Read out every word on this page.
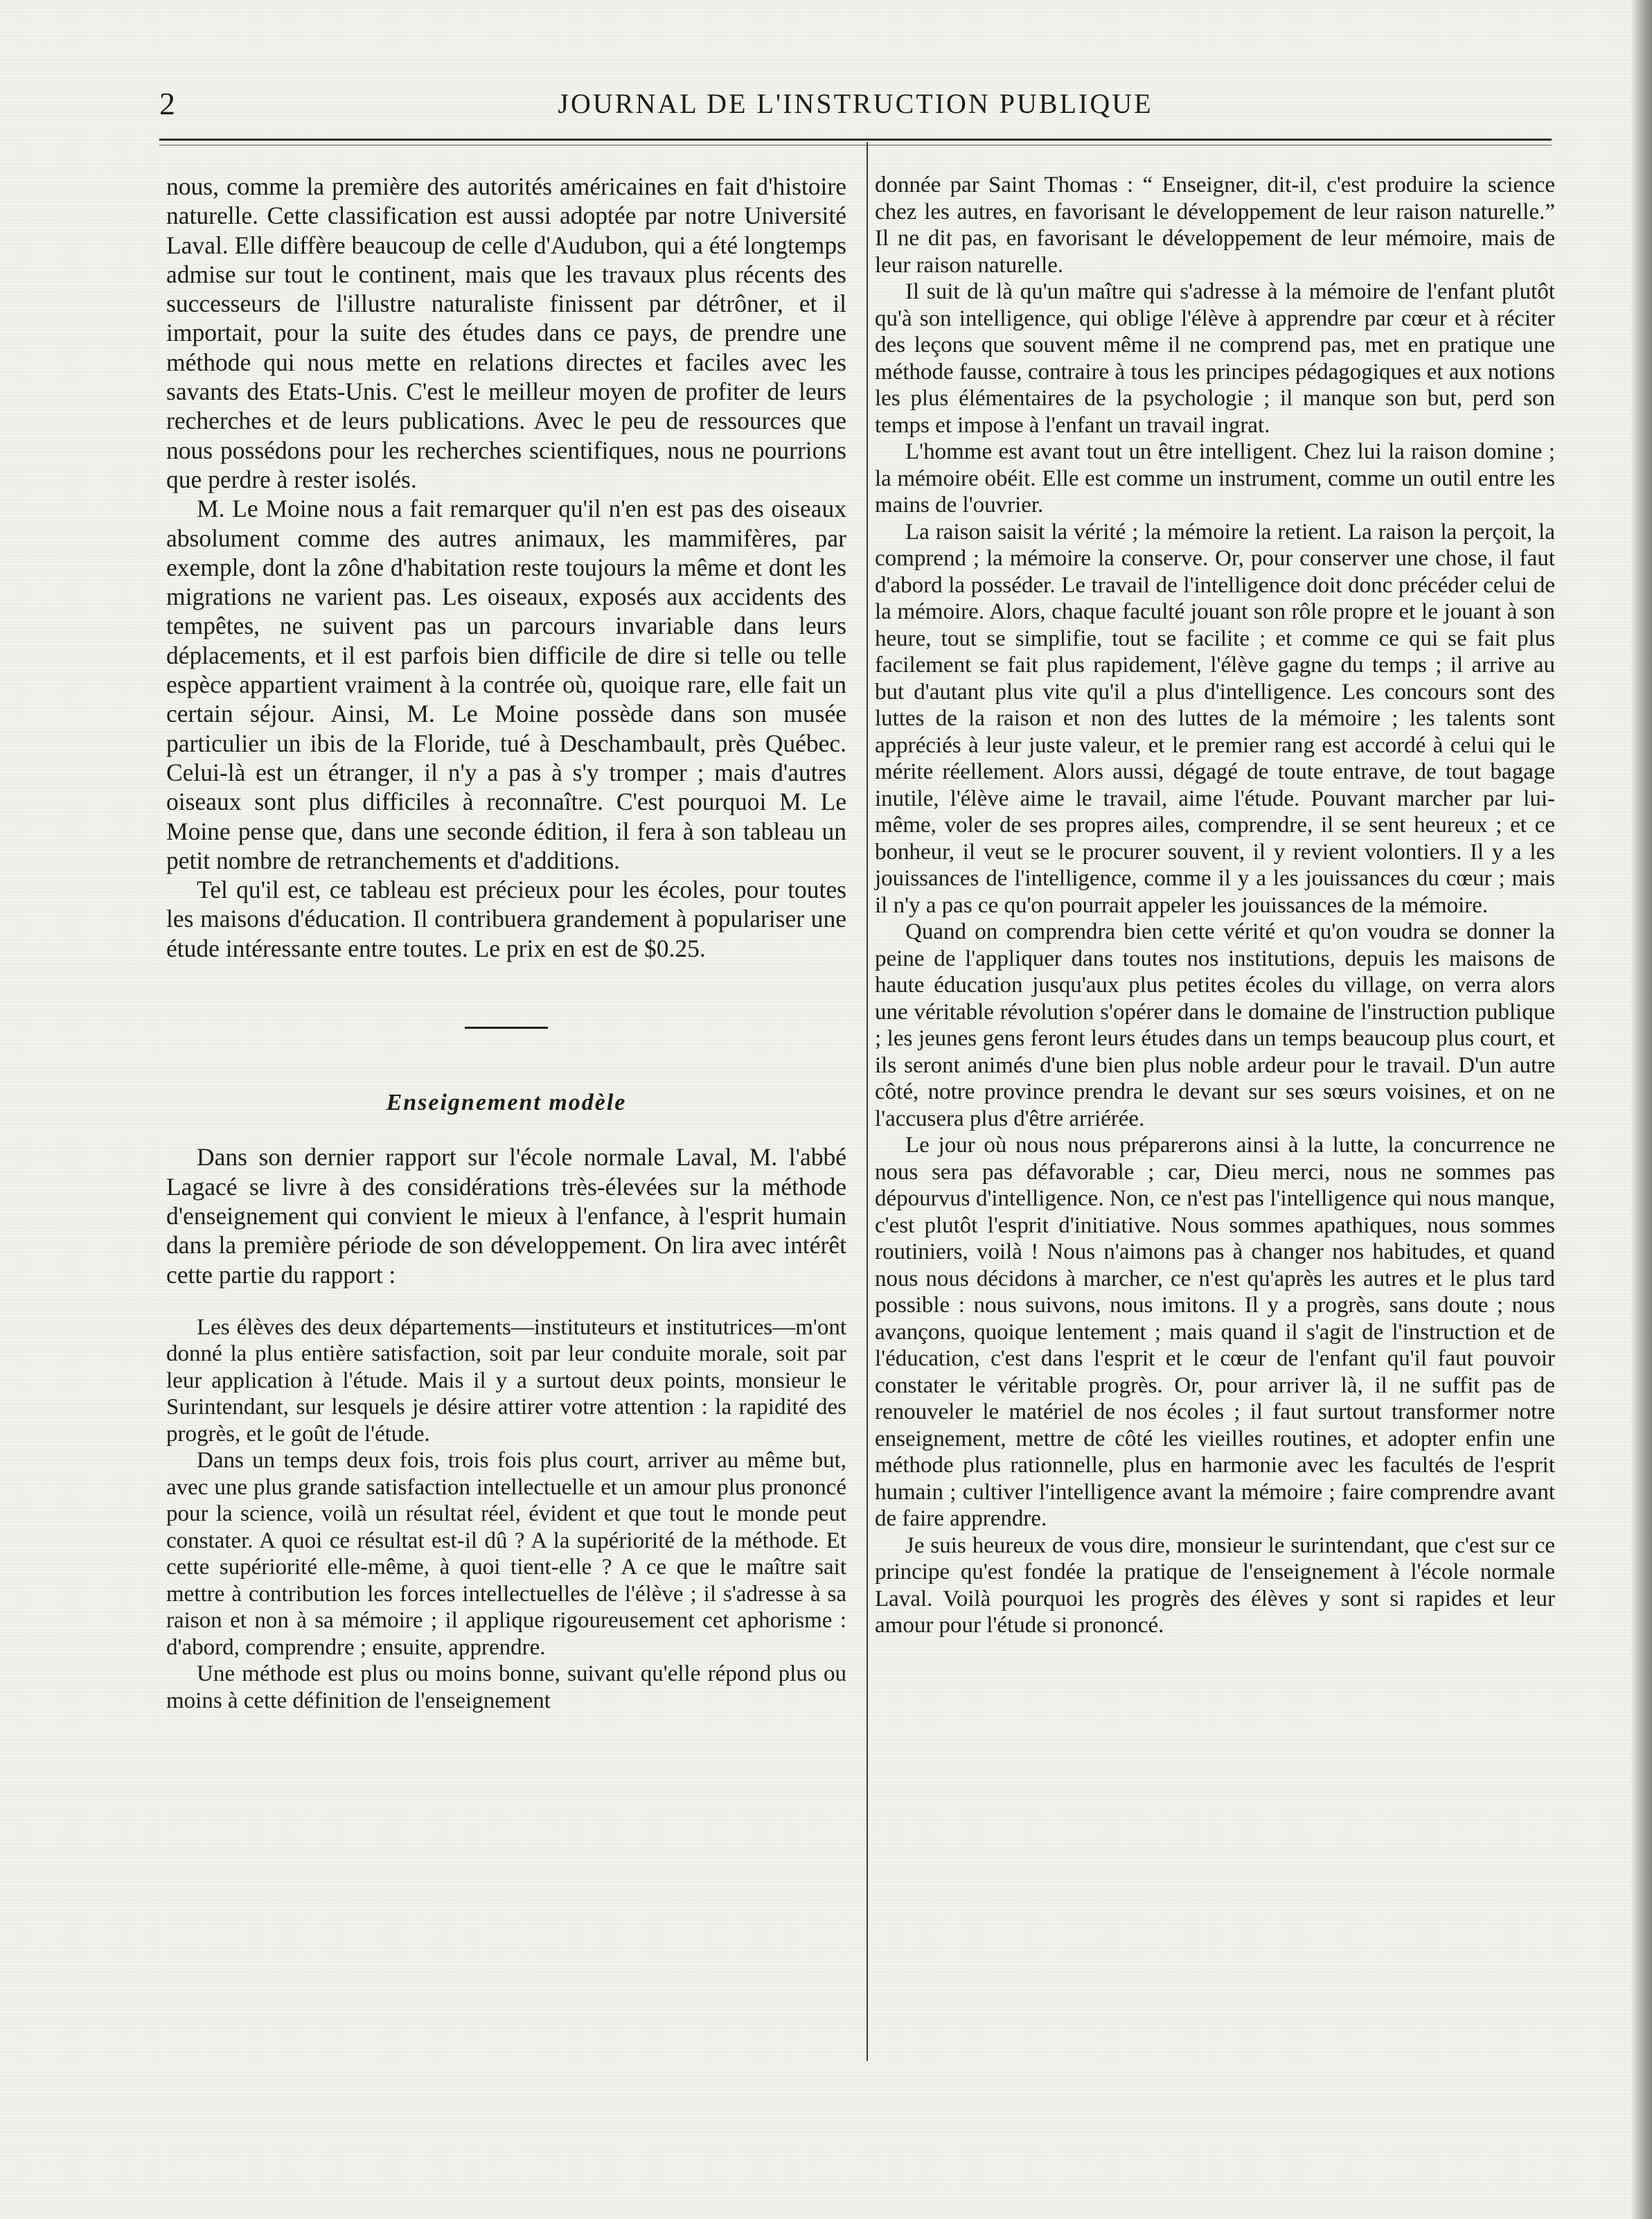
2	JOURNAL DE L'INSTRUCTION PUBLIQUE

nous, comme la première des autorités américaines en fait d'histoire naturelle. Cette classification est aussi adoptée par notre Université Laval. Elle diffère beaucoup de celle d'Audubon, qui a été longtemps admise sur tout le continent, mais que les travaux plus récents des successeurs de l'illustre naturaliste finissent par détrôner, et il importait, pour la suite des études dans ce pays, de prendre une méthode qui nous mette en relations directes et faciles avec les savants des Etats-Unis. C'est le meilleur moyen de profiter de leurs recherches et de leurs publications. Avec le peu de ressources que nous possédons pour les recherches scientifiques, nous ne pourrions que perdre à rester isolés.

M. Le Moine nous a fait remarquer qu'il n'en est pas des oiseaux absolument comme des autres animaux, les mammifères, par exemple, dont la zône d'habitation reste toujours la même et dont les migrations ne varient pas. Les oiseaux, exposés aux accidents des tempêtes, ne suivent pas un parcours invariable dans leurs déplacements, et il est parfois bien difficile de dire si telle ou telle espèce appartient vraiment à la contrée où, quoique rare, elle fait un certain séjour. Ainsi, M. Le Moine possède dans son musée particulier un ibis de la Floride, tué à Deschambault, près Québec. Celui-là est un étranger, il n'y a pas à s'y tromper ; mais d'autres oiseaux sont plus difficiles à reconnaître. C'est pourquoi M. Le Moine pense que, dans une seconde édition, il fera à son tableau un petit nombre de retranchements et d'additions.

Tel qu'il est, ce tableau est précieux pour les écoles, pour toutes les maisons d'éducation. Il contribuera grandement à populariser une étude intéressante entre toutes. Le prix en est de $0.25.

Enseignement modèle

Dans son dernier rapport sur l'école normale Laval, M. l'abbé Lagacé se livre à des considérations très-élevées sur la méthode d'enseignement qui convient le mieux à l'enfance, à l'esprit humain dans la première période de son développement. On lira avec intérêt cette partie du rapport :

Les élèves des deux départements—instituteurs et institutrices—m'ont donné la plus entière satisfaction, soit par leur conduite morale, soit par leur application à l'étude. Mais il y a surtout deux points, monsieur le Surintendant, sur lesquels je désire attirer votre attention : la rapidité des progrès, et le goût de l'étude.

Dans un temps deux fois, trois fois plus court, arriver au même but, avec une plus grande satisfaction intellectuelle et un amour plus prononcé pour la science, voilà un résultat réel, évident et que tout le monde peut constater. A quoi ce résultat est-il dû ? A la supériorité de la méthode. Et cette supériorité elle-même, à quoi tient-elle ? A ce que le maître sait mettre à contribution les forces intellectuelles de l'élève ; il s'adresse à sa raison et non à sa mémoire ; il applique rigoureusement cet aphorisme : d'abord, comprendre ; ensuite, apprendre.

Une méthode est plus ou moins bonne, suivant qu'elle répond plus ou moins à cette définition de l'enseignement

donnée par Saint Thomas : “ Enseigner, dit-il, c'est produire la science chez les autres, en favorisant le développement de leur raison naturelle.” Il ne dit pas, en favorisant le développement de leur mémoire, mais de leur raison naturelle.

Il suit de là qu'un maître qui s'adresse à la mémoire de l'enfant plutôt qu'à son intelligence, qui oblige l'élève à apprendre par cœur et à réciter des leçons que souvent même il ne comprend pas, met en pratique une méthode fausse, contraire à tous les principes pédagogiques et aux notions les plus élémentaires de la psychologie ; il manque son but, perd son temps et impose à l'enfant un travail ingrat.

L'homme est avant tout un être intelligent. Chez lui la raison domine ; la mémoire obéit. Elle est comme un instrument, comme un outil entre les mains de l'ouvrier.

La raison saisit la vérité ; la mémoire la retient. La raison la perçoit, la comprend ; la mémoire la conserve. Or, pour conserver une chose, il faut d'abord la posséder. Le travail de l'intelligence doit donc précéder celui de la mémoire. Alors, chaque faculté jouant son rôle propre et le jouant à son heure, tout se simplifie, tout se facilite ; et comme ce qui se fait plus facilement se fait plus rapidement, l'élève gagne du temps ; il arrive au but d'autant plus vite qu'il a plus d'intelligence. Les concours sont des luttes de la raison et non des luttes de la mémoire ; les talents sont appréciés à leur juste valeur, et le premier rang est accordé à celui qui le mérite réellement. Alors aussi, dégagé de toute entrave, de tout bagage inutile, l'élève aime le travail, aime l'étude. Pouvant marcher par lui-même, voler de ses propres ailes, comprendre, il se sent heureux ; et ce bonheur, il veut se le procurer souvent, il y revient volontiers. Il y a les jouissances de l'intelligence, comme il y a les jouissances du cœur ; mais il n'y a pas ce qu'on pourrait appeler les jouissances de la mémoire.

Quand on comprendra bien cette vérité et qu'on voudra se donner la peine de l'appliquer dans toutes nos institutions, depuis les maisons de haute éducation jusqu'aux plus petites écoles du village, on verra alors une véritable révolution s'opérer dans le domaine de l'instruction publique ; les jeunes gens feront leurs études dans un temps beaucoup plus court, et ils seront animés d'une bien plus noble ardeur pour le travail. D'un autre côté, notre province prendra le devant sur ses sœurs voisines, et on ne l'accusera plus d'être arriérée.

Le jour où nous nous préparerons ainsi à la lutte, la concurrence ne nous sera pas défavorable ; car, Dieu merci, nous ne sommes pas dépourvus d'intelligence. Non, ce n'est pas l'intelligence qui nous manque, c'est plutôt l'esprit d'initiative. Nous sommes apathiques, nous sommes routiniers, voilà ! Nous n'aimons pas à changer nos habitudes, et quand nous nous décidons à marcher, ce n'est qu'après les autres et le plus tard possible : nous suivons, nous imitons. Il y a progrès, sans doute ; nous avançons, quoique lentement ; mais quand il s'agit de l'instruction et de l'éducation, c'est dans l'esprit et le cœur de l'enfant qu'il faut pouvoir constater le véritable progrès. Or, pour arriver là, il ne suffit pas de renouveler le matériel de nos écoles ; il faut surtout transformer notre enseignement, mettre de côté les vieilles routines, et adopter enfin une méthode plus rationnelle, plus en harmonie avec les facultés de l'esprit humain ; cultiver l'intelligence avant la mémoire ; faire comprendre avant de faire apprendre.

Je suis heureux de vous dire, monsieur le surintendant, que c'est sur ce principe qu'est fondée la pratique de l'enseignement à l'école normale Laval. Voilà pourquoi les progrès des élèves y sont si rapides et leur amour pour l'étude si prononcé.
